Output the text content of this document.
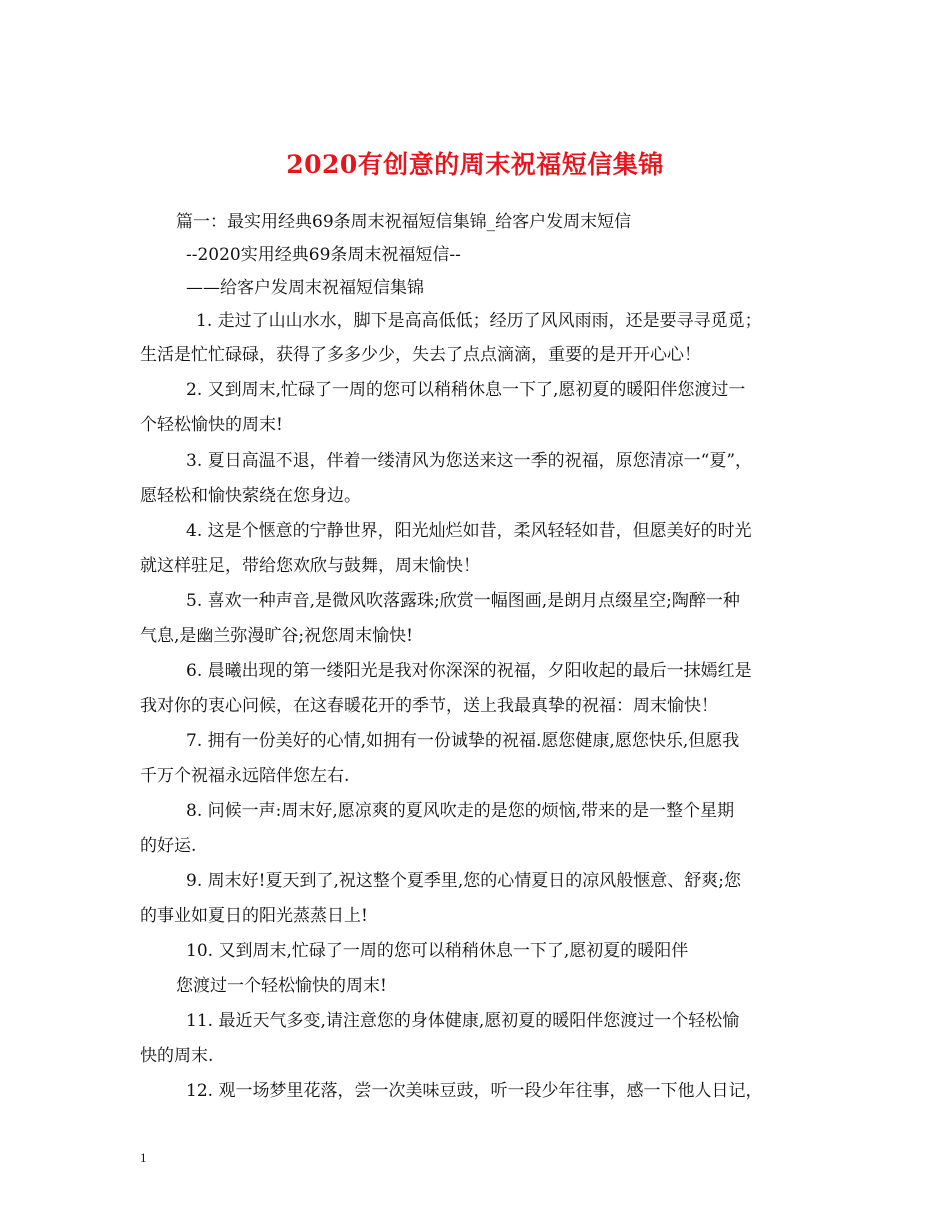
2020有创意的周末祝福短信集锦

篇一：最实用经典69条周末祝福短信集锦_给客户发周末短信

--2020实用经典69条周末祝福短信--

——给客户发周末祝福短信集锦

1. 走过了山山水水，脚下是高高低低；经历了风风雨雨，还是要寻寻觅觅；

生活是忙忙碌碌，获得了多多少少，失去了点点滴滴，重要的是开开心心！

2. 又到周末,忙碌了一周的您可以稍稍休息一下了,愿初夏的暖阳伴您渡过一

个轻松愉快的周末!

3. 夏日高温不退，伴着一缕清风为您送来这一季的祝福，原您清凉一“夏”，

愿轻松和愉快萦绕在您身边。

4. 这是个惬意的宁静世界，阳光灿烂如昔，柔风轻轻如昔，但愿美好的时光

就这样驻足，带给您欢欣与鼓舞，周末愉快！

5. 喜欢一种声音,是微风吹落露珠;欣赏一幅图画,是朗月点缀星空;陶醉一种

气息,是幽兰弥漫旷谷;祝您周末愉快!

6. 晨曦出现的第一缕阳光是我对你深深的祝福，夕阳收起的最后一抹嫣红是

我对你的衷心问候，在这春暖花开的季节，送上我最真挚的祝福：周末愉快！

7. 拥有一份美好的心情,如拥有一份诚挚的祝福.愿您健康,愿您快乐,但愿我

千万个祝福永远陪伴您左右.

8. 问候一声:周末好,愿凉爽的夏风吹走的是您的烦恼,带来的是一整个星期

的好运.

9. 周末好!夏天到了,祝这整个夏季里,您的心情夏日的凉风般惬意、舒爽;您

的事业如夏日的阳光蒸蒸日上!

10. 又到周末,忙碌了一周的您可以稍稍休息一下了,愿初夏的暖阳伴

您渡过一个轻松愉快的周末!

11. 最近天气多变,请注意您的身体健康,愿初夏的暖阳伴您渡过一个轻松愉

快的周末.

12. 观一场梦里花落，尝一次美味豆豉，听一段少年往事，感一下他人日记，

1
